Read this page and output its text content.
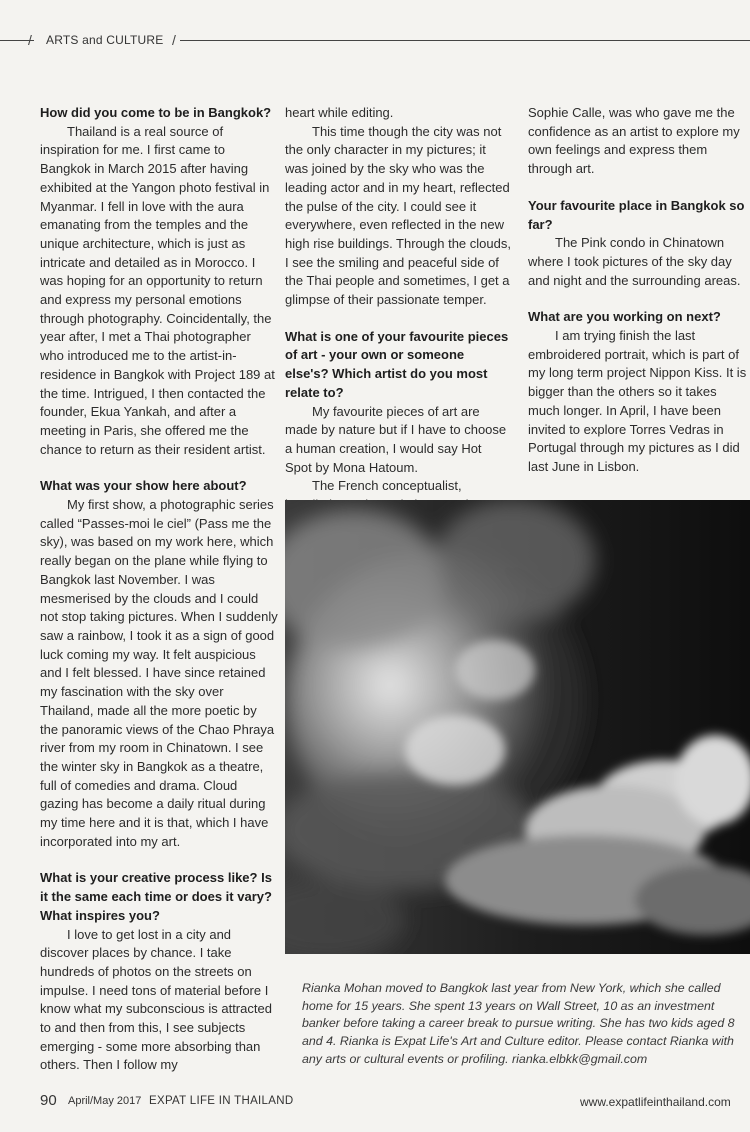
/ ARTS and CULTURE /

How did you come to be in Bangkok?

Thailand is a real source of inspiration for me. I first came to Bangkok in March 2015 after having exhibited at the Yangon photo festival in Myanmar. I fell in love with the aura emanating from the temples and the unique architecture, which is just as intricate and detailed as in Morocco. I was hoping for an opportunity to return and express my personal emotions through photography. Coincidentally, the year after, I met a Thai photographer who introduced me to the artist-in-residence in Bangkok with Project 189 at the time. Intrigued, I then contacted the founder, Ekua Yankah, and after a meeting in Paris, she offered me the chance to return as their resident artist.

What was your show here about?

My first show, a photographic series called “Passes-moi le ciel” (Pass me the sky), was based on my work here, which really began on the plane while flying to Bangkok last November. I was mesmerised by the clouds and I could not stop taking pictures. When I suddenly saw a rainbow, I took it as a sign of good luck coming my way. It felt auspicious and I felt blessed. I have since retained my fascination with the sky over Thailand, made all the more poetic by the panoramic views of the Chao Phraya river from my room in Chinatown. I see the winter sky in Bangkok as a theatre, full of comedies and drama. Cloud gazing has become a daily ritual during my time here and it is that, which I have incorporated into my art.

What is your creative process like? Is it the same each time or does it vary? What inspires you?

I love to get lost in a city and discover places by chance. I take hundreds of photos on the streets on impulse. I need tons of material before I know what my subconscious is attracted to and then from this, I see subjects emerging - some more absorbing than others. Then I follow my

heart while editing.

This time though the city was not the only character in my pictures; it was joined by the sky who was the leading actor and in my heart, reflected the pulse of the city. I could see it everywhere, even reflected in the new high rise buildings. Through the clouds, I see the smiling and peaceful side of the Thai people and sometimes, I get a glimpse of their passionate temper.

What is one of your favourite pieces of art - your own or someone else's? Which artist do you most relate to?

My favourite pieces of art are made by nature but if I have to choose a human creation, I would say Hot Spot by Mona Hatoum.

The French conceptualist,

Sophie Calle, was who gave me the confidence as an artist to explore my own feelings and express them through art.

Your favourite place in Bangkok so far?

The Pink condo in Chinatown where I took pictures of the sky day and night and the surrounding areas.

What are you working on next?

I am trying finish the last embroidered portrait, which is part of my long term project Nippon Kiss. It is bigger than the others so it takes much longer. In April, I have been invited to explore Torres Vedras in Portugal through my pictures as I did last June in Lisbon.

Rianka Mohan moved to Bangkok last year from New York, which she called home for 15 years. She spent 13 years on Wall Street, 10 as an investment banker before taking a career break to pursue writing. She has two kids aged 8 and 4. Rianka is Expat Life's Art and Culture editor. Please contact Rianka with any arts or cultural events or profiling. rianka.elbkk@gmail.com
90 April/May 2017 EXPAT LIFE IN THAILAND	www.expatlifeinthailand.com
